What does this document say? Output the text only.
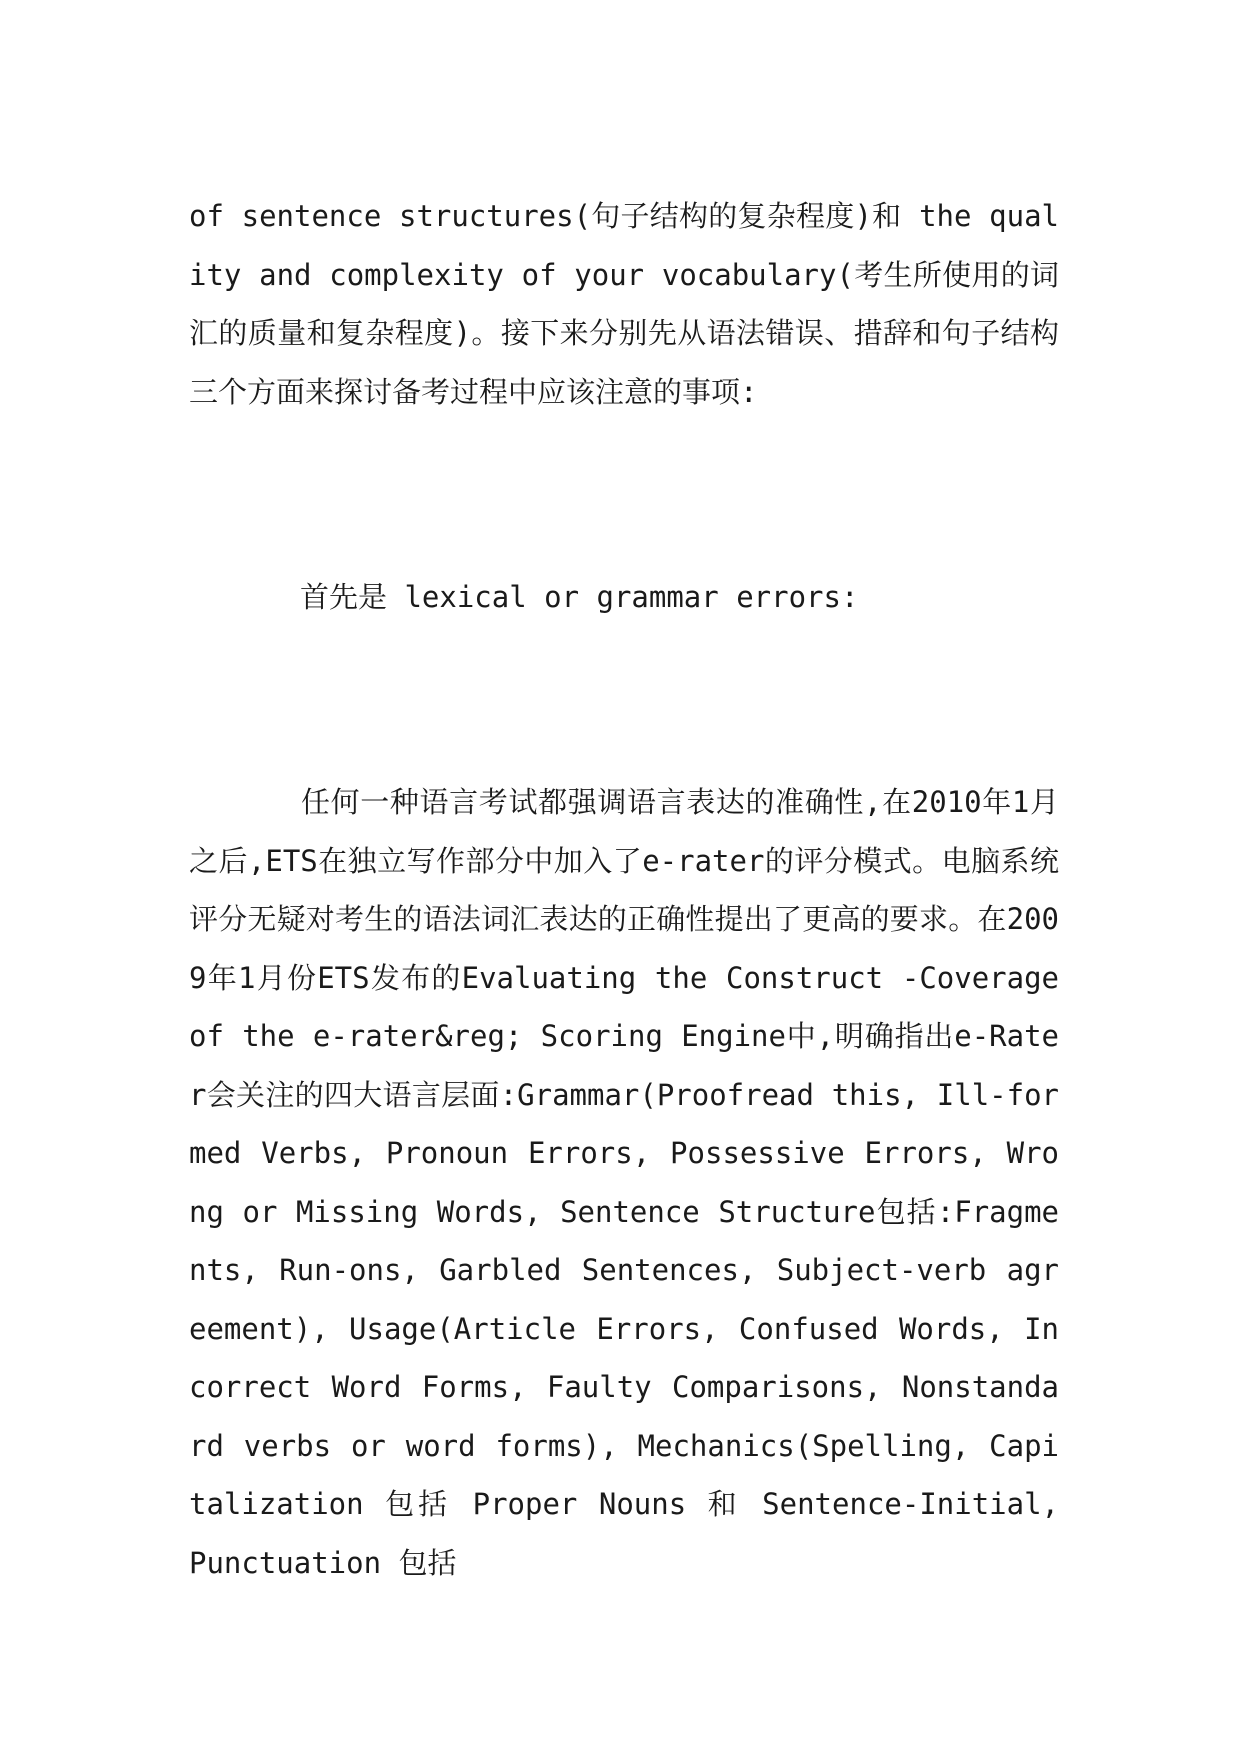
of sentence structures(句子结构的复杂程度)和 the quality and complexity of your vocabulary(考生所使用的词汇的质量和复杂程度)。接下来分别先从语法错误、措辞和句子结构三个方面来探讨备考过程中应该注意的事项:

首先是 lexical or grammar errors:

任何一种语言考试都强调语言表达的准确性,在2010年1月之后,ETS在独立写作部分中加入了e-rater的评分模式。电脑系统评分无疑对考生的语法词汇表达的正确性提出了更高的要求。在2009年1月份ETS发布的Evaluating the Construct -Coverage of the e-rater&reg; Scoring Engine中,明确指出e-Rater会关注的四大语言层面:Grammar(Proofread this, Ill-formed Verbs, Pronoun Errors, Possessive Errors, Wrong or Missing Words, Sentence Structure包括:Fragments, Run-ons, Garbled Sentences, Subject-verb agreement), Usage(Article Errors, Confused Words, Incorrect Word Forms, Faulty Comparisons, Nonstandard verbs or word forms), Mechanics(Spelling, Capitalization 包括 Proper Nouns 和 Sentence-Initial, Punctuation 包括
